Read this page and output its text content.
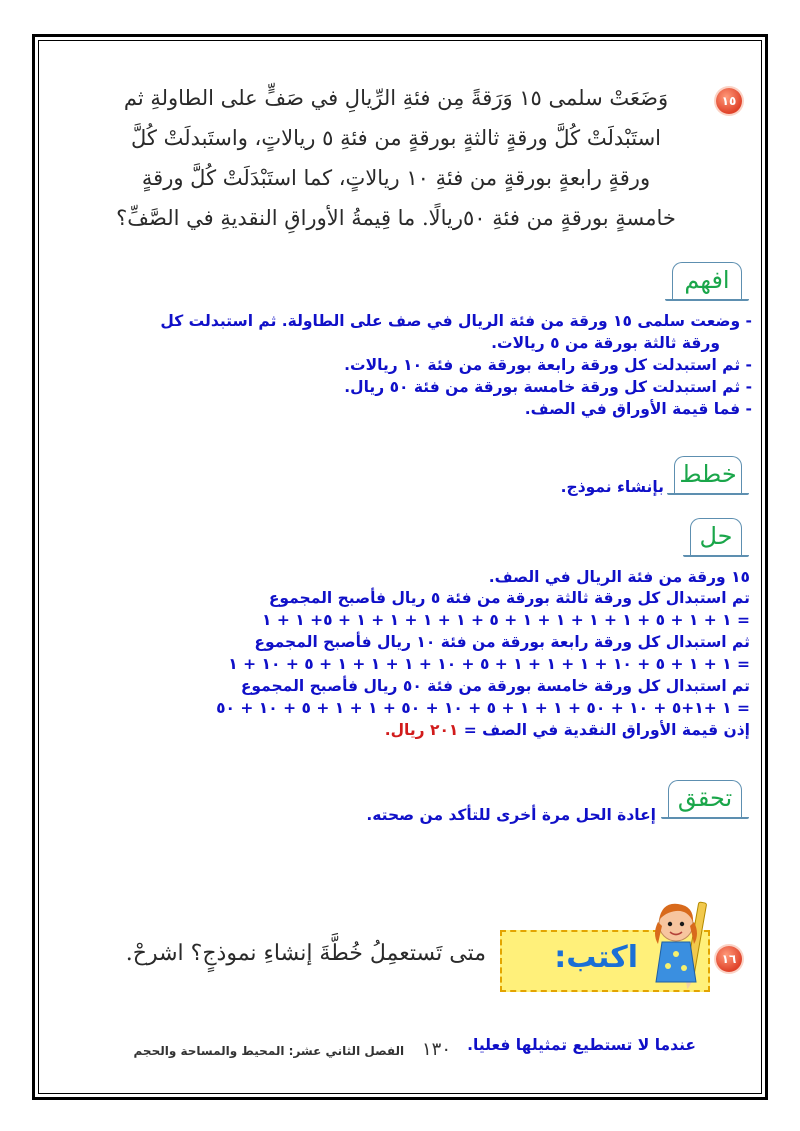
١٥
وَضَعَتْ سلمى ١٥ وَرَقةً مِن فئةِ الرِّيالِ في صَفٍّ على الطاولةِ ثم
استَبْدلَتْ كُلَّ ورقةٍ ثالثةٍ بورقةٍ من فئةِ ٥ ريالاتٍ، واستَبدلَتْ كُلَّ
ورقةٍ رابعةٍ بورقةٍ من فئةِ ١٠ ريالاتٍ، كما استَبْدَلَتْ كُلَّ ورقةٍ
خامسةٍ بورقةٍ من فئةِ ٥٠ريالًا. ما قِيمةُ الأوراقِ النقديةِ في الصَّفِّ؟
افهم
- وضعت سلمى ١٥ ورقة من فئة الريال في صف على الطاولة. ثم استبدلت كل
ورقة ثالثة بورقة من ٥ ريالات.
- ثم استبدلت كل ورقة رابعة بورقة من فئة ١٠ ريالات.
- ثم استبدلت كل ورقة خامسة بورقة من فئة ٥٠ ريال.
- فما قيمة الأوراق في الصف.
خطط
بإنشاء نموذج.
حل
١٥ ورقة من فئة الريال في الصف.
تم استبدال كل ورقة ثالثة بورقة من فئة ٥ ريال فأصبح المجموع
= ١ + ١ + ٥ + ١ + ١ + ١ + ١ + ٥ + ١ + ١ + ١ + ١ + ٥+ ١ + ١
ثم استبدال كل ورقة رابعة بورقة من فئة ١٠ ريال فأصبح المجموع
= ١ + ١ + ٥ + ١٠ + ١ + ١ + ١ + ٥ + ١٠ + ١ + ١ + ١ + ٥ + ١٠ + ١
تم استبدال كل ورقة خامسة بورقة من فئة ٥٠ ريال فأصبح المجموع
= ١ +١+٥ + ١٠ + ٥٠ + ١ + ١ + ٥ + ١٠ + ٥٠ + ١ + ١ + ٥ + ١٠ + ٥٠
إذن قيمة الأوراق النقدية في الصف = ٢٠١ ريال.
تحقق
إعادة الحل مرة أخرى للتأكد من صحته.
١٦
اكتب:
متى تَستعمِلُ خُطَّةَ إنشاءِ نموذجٍ؟ اشرحْ.
عندما لا تستطيع تمثيلها فعليا.
١٣٠ الفصل الثاني عشر: المحيط والمساحة والحجم
